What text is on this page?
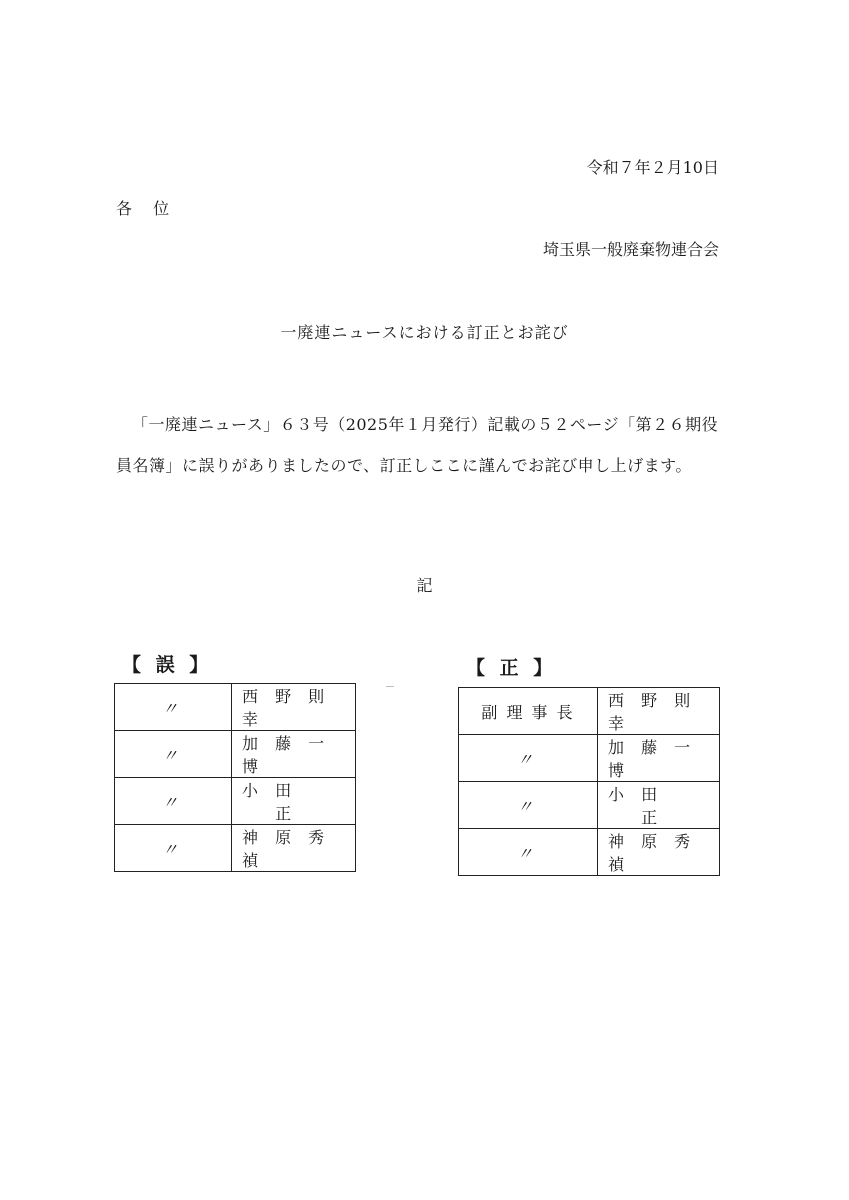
令和７年２月10日
各 位
埼玉県一般廃棄物連合会
一廃連ニュースにおける訂正とお詫び
「一廃連ニュース」６３号（2025年１月発行）記載の５２ページ「第２６期役員名簿」に誤りがありましたので、訂正しここに謹んでお詫び申し上げます。
記
【 誤 】	【 正 】
〃	西 野 則 幸
〃	加 藤 一 博
〃	小 田 　 正
〃	神 原 秀 禎
副 理 事 長	西 野 則 幸
〃	加 藤 一 博
〃	小 田 　 正
〃	神 原 秀 禎
